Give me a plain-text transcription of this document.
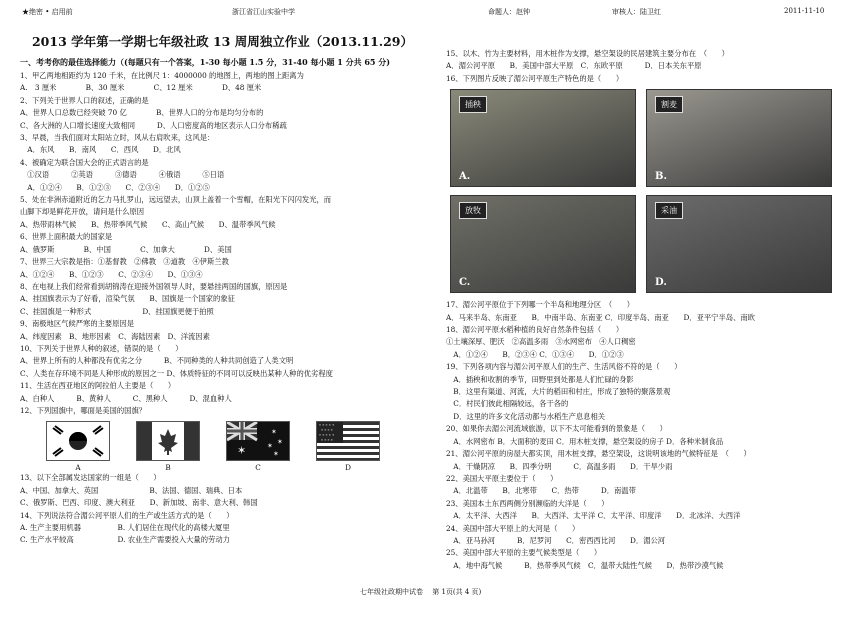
★绝密 • 启用前	浙江省江山实验中学	命题人：赵钟	审核人：陆卫红	2011-11-10
2013 学年第一学期七年级社政 13 周周独立作业（2013.11.29）
一、考考你的最佳选择能力（(每题只有一个答案，1-30 每小题 1.5 分，31-40 每小题 1 分共 65 分)
1、甲乙两地相距约为 120 千米，在比例尺 1：4000000 的地图上，两地的图上距离为
A.　3 厘米　　　　B、30 厘米　　　　C、12 厘米　　　　D、48 厘米
2、下列关于世界人口的叙述，正确的是
A、世界人口总数已经突破 70 亿　　　　B、世界人口的分布是均匀分布的
C、各大洲的人口增长速度大致相同　　　D、人口密度高的地区表示人口分布稀疏
3、早晨，当我们面对太阳站立时，风从右肩吹来，这风是：
　A．东风　　B．南风　　C．西风　　D．北风
4、被确定为联合国大会的正式语言的是
　①汉语　　　②英语　　　③德语　　　④俄语　　　⑤日语
　A．①②④　　B．①②③　　C．②③④　　D．①②⑤
5、处在非洲赤道附近的乞力马扎罗山，远远望去，山顶上盖着一个雪帽，在阳光下闪闪发光，而
山脚下却是鲜花开放，请问是什么原因
A、热带雨林气候　　B、热带季风气候　　C、高山气候　　D、温带季风气候
6、世界上面积最大的国家是
A、俄罗斯　　　　B、中国　　　　C、加拿大　　　　D、美国
7、世界三大宗教是指：①基督教　②佛教　③道教　④伊斯兰教
A、①②④　　B、①②③　　C、②③④　　D、①③④
8、在电视上我们经常看到胡锦涛在迎接外国领导人时，要悬挂两国的国旗，原因是
A、挂国旗表示为了好看，渲染气氛　　B、国旗是一个国家的象征
C、挂国旗是一种形式　　　　　　　D、挂国旗更便于拍照
9、南极地区气候严寒的主要原因是
A、纬度因素　B、地形因素　C、海陆因素　D、洋流因素
10、下列关于世界人种的叙述，错误的是（　　）
A、世界上所有的人种都没有优劣之分　　　B、不同种类的人种共同创造了人类文明
C、人类在存环境不同是人种形成的原因之一 D、体质特征的不同可以反映出某种人种的优劣程度
11、生活在西亚地区的阿拉伯人主要是（　　）
A、白种人　　　B、黄种人　　　C、黑种人　　　D、混血种人
12、下列国旗中，哪面是美国的国旗？
✶
✶
✶
✶
✶
* * * * *
* * * *
* * * * *
* * * *
A	B	C	D
13、以下全部属发达国家的一组是（　　）
A、中国、加拿大、英国　　　　　　　B、法国、德国、瑞典、日本
C、俄罗斯、巴西、印度、澳大利亚　　D、新加坡、南非、意大利、韩国
14、下列说法符合湄公河平原人们的生产或生活方式的是（　　）
A. 生产主要用机器　　　　　B. 人们居住在现代化的高楼大厦里
C. 生产水平较高　　　　　　D. 农业生产需要投入大量的劳动力
15、以木、竹为主要材料，用木桩作为支撑，悬空架设的民居建筑主要分布在　（　　）
A．湄公河平原　　B．美国中部大平原　C．东欧平原　　　D．日本关东平原
16、下列图片反映了湄公河平原生产特色的是（　　）
插秧
A.
割麦
B.
放牧
C.
采油
D.
17、湄公河平原位于下列哪一个半岛和地理分区　（　　）
A．马来半岛、东南亚　　B．中南半岛、东南亚 C．印度半岛、南亚　　D．亚平宁半岛、南欧
18、湄公河平原水稻种植的良好自然条件包括（　　）
①土壤深厚、肥沃　②高温多雨　③水网密布　④人口稠密
　A．①②④　　B．②③④ C．①③④　　D．①②③
19、下列各项内容与湄公河平原人们的生产、生活风俗不符的是（　　）
　A．插秧和收割的季节，田野里到处都是人们忙碌的身影
　B．这里有渠道、河流，大片的稻田和村庄，形成了独特的聚落景观
　C．村民们彼此相隔较远，各干各的
　D．这里的许多文化活动都与水稻生产息息相关
20、如果你去湄公河流域旅游，以下不太可能看到的景象是（　　）
　A．水网密布 B．大面积的麦田 C．用木桩支撑，悬空架设的房子 D．各种米制食品
21、湄公河平原的房屋大都实顶，用木桩支撑，悬空架设，这说明该地的气候特征是　（　　）
　A．干燥阴凉　　B．四季分明　　　C．高温多雨　　D．干旱少雨
22、美国大平原主要位于（　　）
　A．北温带　　B．北寒带　　C．热带　　　D．南温带
23、美国本土东西两侧分别濒临的大洋是（　　）
　A．太平洋、大西洋　　B．大西洋、太平洋 C．太平洋、印度洋　　D．北冰洋、大西洋
24、美国中部大平原上的大河是（　　）
　A．亚马孙河　　　B．尼罗河　　C．密西西比河　　D．湄公河
25、美国中部大平原的主要气候类型是（　　）
　A．地中海气候　　　B．热带季风气候　C．温带大陆性气候　　D．热带沙漠气候
七年级社政期中试卷　 第 1页(共 4 页)
